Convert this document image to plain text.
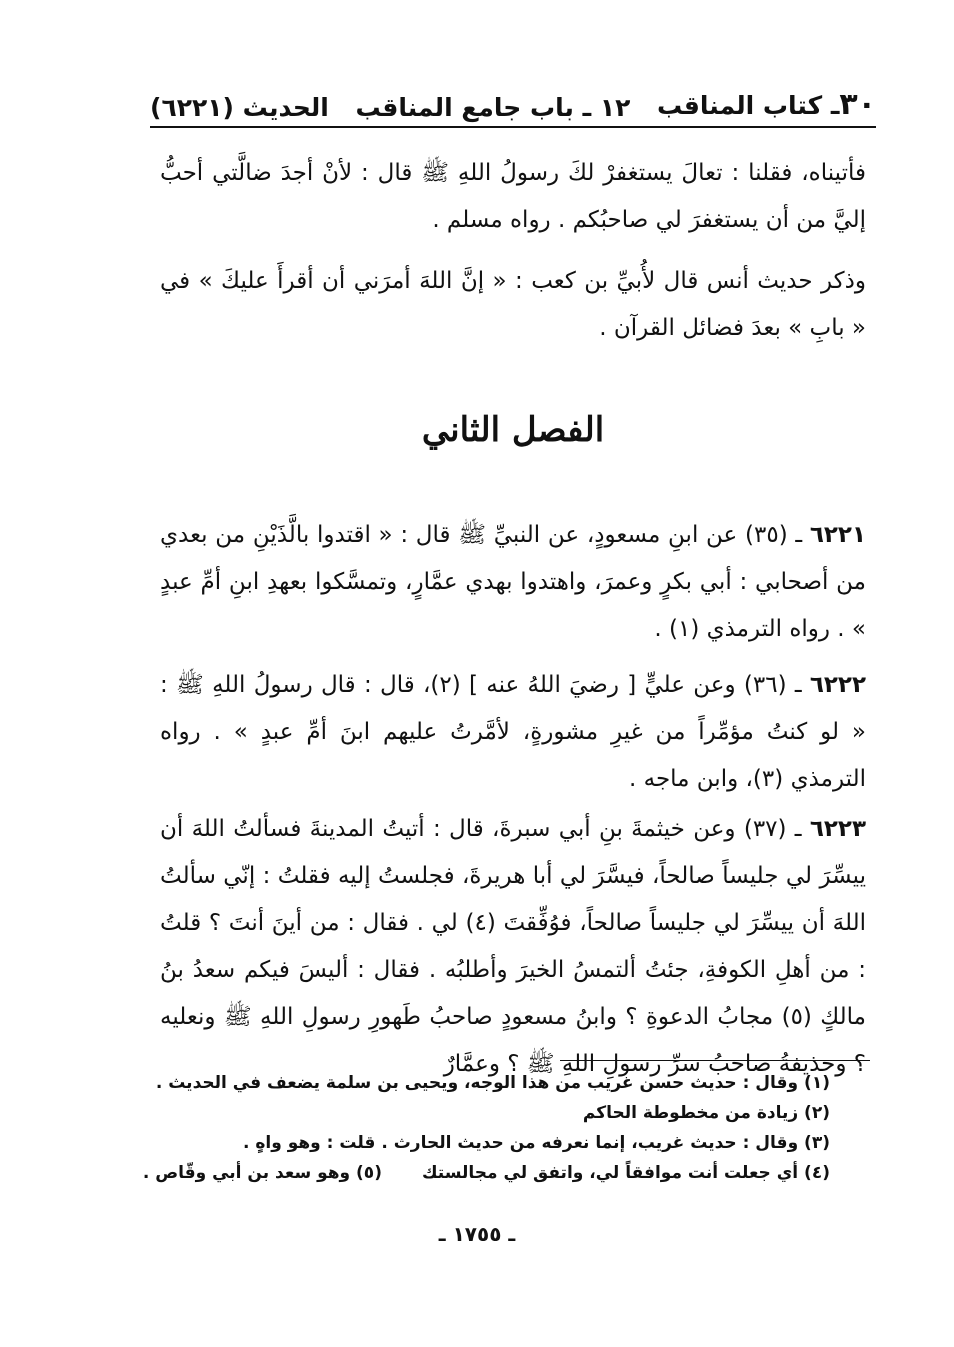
٣٠ـ كتاب المناقب
١٢ ـ باب جامع المناقب
الحديث (٦٢٢١)

فأتيناه، فقلنا : تعالَ يستغفرْ لكَ رسولُ اللهِ ﷺ قال : لأنْ أجدَ ضالَّتي أحبُّ إليَّ من أن يستغفرَ لي صاحبُكم . رواه مسلم .

وذكر حديث أنس قال لأُبيِّ بن كعب : « إنَّ اللهَ أمرَني أن أقرأَ عليكَ » في « بابِ » بعدَ فضائل القرآن .

الفصل الثاني

٦٢٢١ ـ (٣٥) عن ابنِ مسعودٍ، عن النبيِّ ﷺ قال : « اقتدوا بالَّذَيْنِ من بعدي من أصحابي : أبي بكرٍ وعمرَ، واهتدوا بهدي عمَّارٍ، وتمسَّكوا بعهدِ ابنِ أمِّ عبدٍ » . رواه الترمذي (١) .

٦٢٢٢ ـ (٣٦) وعن عليٍّ [ رضيَ اللهُ عنه ] (٢)، قال : قال رسولُ اللهِ ﷺ : « لو كنتُ مؤمِّراً من غيرِ مشورةٍ، لأمَّرتُ عليهم ابنَ أمِّ عبدٍ » . رواه الترمذي (٣)، وابن ماجه .

٦٢٢٣ ـ (٣٧) وعن خيثمةَ بنِ أبي سبرةَ، قال : أتيتُ المدينةَ فسألتُ اللهَ أن ييسِّرَ لي جليساً صالحاً، فيسَّرَ لي أبا هريرةَ، فجلستُ إليه فقلتُ : إنّي سألتُ اللهَ أن ييسِّرَ لي جليساً صالحاً، فوُفِّقتَ (٤) لي . فقال : من أينَ أنتَ ؟ قلتُ : من أهلِ الكوفةِ، جئتُ ألتمسُ الخيرَ وأطلبُه . فقال : أليسَ فيكم سعدُ بنُ مالكٍ (٥) مجابُ الدعوةِ ؟ وابنُ مسعودٍ صاحبُ طَهورِ رسولِ اللهِ ﷺ ونعليه ؟ وحذيفةُ صاحبُ سرِّ رسولِ اللهِ ﷺ ؟ وعمَّارٌ

(١) وقال : حديث حسن غريب من هذا الوجه، ويحيى بن سلمة يضعف في الحديث .
(٢) زيادة من مخطوطة الحاكم
(٣) وقال : حديث غريب، إنما نعرفه من حديث الحارث . قلت : وهو واهٍ .
(٤) أي جعلت أنت موافقاً لي، واتفق لي مجالستك(٥) وهو سعد بن أبي وقّاص .
ـ ١٧٥٥ ـ
